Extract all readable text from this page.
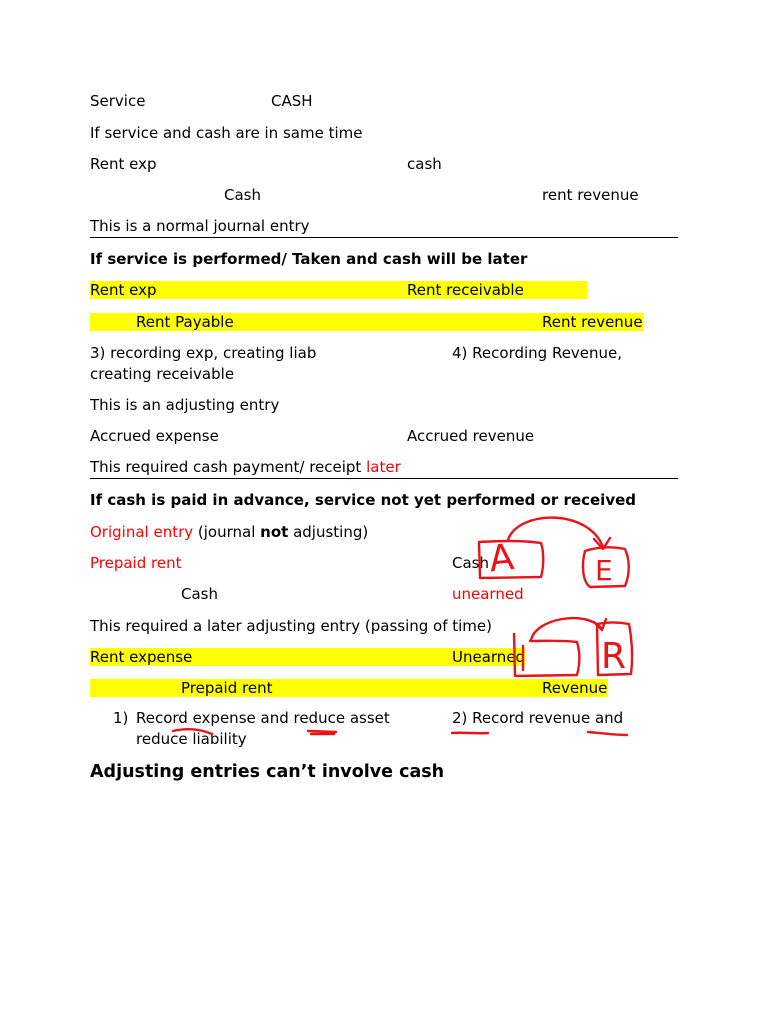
Service	CASH
If service and cash are in same time
Rent exp	cash
Cash	rent revenue
This is a normal journal entry
If service is performed/ Taken and cash will be later
Rent exp	Rent receivable
Rent Payable	Rent revenue
3) recording exp, creating liab	4) Recording Revenue,
creating receivable
This is an adjusting entry
Accrued expense	Accrued revenue
This required cash payment/ receipt later
If cash is paid in advance, service not yet performed or received
Original entry (journal not adjusting)
Prepaid rent	Cash
Cash	unearned
This required a later adjusting entry (passing of time)
Rent expense	Unearned
Prepaid rent	Revenue
1) Record expense and reduce asset	2) Record revenue and
reduce liability
Adjusting entries can’t involve cash
A	E
R
